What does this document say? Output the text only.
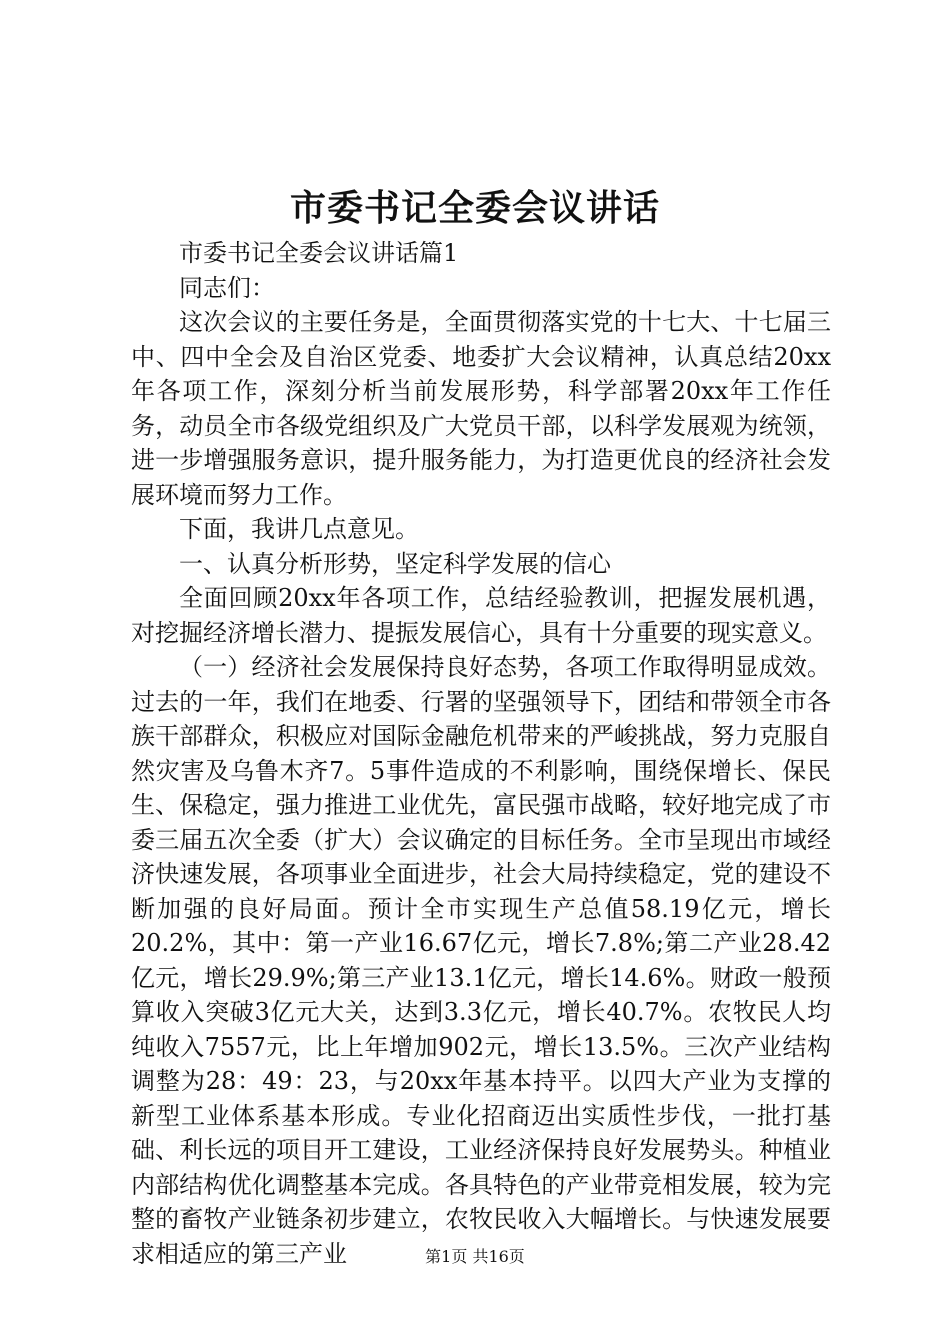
市委书记全委会议讲话

市委书记全委会议讲话篇1

同志们：

这次会议的主要任务是，全面贯彻落实党的十七大、十七届三中、四中全会及自治区党委、地委扩大会议精神，认真总结20xx年各项工作，深刻分析当前发展形势，科学部署20xx年工作任务，动员全市各级党组织及广大党员干部，以科学发展观为统领，进一步增强服务意识，提升服务能力，为打造更优良的经济社会发展环境而努力工作。

下面，我讲几点意见。

一、认真分析形势，坚定科学发展的信心

全面回顾20xx年各项工作，总结经验教训，把握发展机遇，对挖掘经济增长潜力、提振发展信心，具有十分重要的现实意义。

（一）经济社会发展保持良好态势，各项工作取得明显成效。过去的一年，我们在地委、行署的坚强领导下，团结和带领全市各族干部群众，积极应对国际金融危机带来的严峻挑战，努力克服自然灾害及乌鲁木齐7。5事件造成的不利影响，围绕保增长、保民生、保稳定，强力推进工业优先，富民强市战略，较好地完成了市委三届五次全委（扩大）会议确定的目标任务。全市呈现出市域经济快速发展，各项事业全面进步，社会大局持续稳定，党的建设不断加强的良好局面。预计全市实现生产总值58.19亿元，增长20.2%，其中：第一产业16.67亿元，增长7.8%;第二产业28.42亿元，增长29.9%;第三产业13.1亿元，增长14.6%。财政一般预算收入突破3亿元大关，达到3.3亿元，增长40.7%。农牧民人均纯收入7557元，比上年增加902元，增长13.5%。三次产业结构调整为28：49：23，与20xx年基本持平。以四大产业为支撑的新型工业体系基本形成。专业化招商迈出实质性步伐，一批打基础、利长远的项目开工建设，工业经济保持良好发展势头。种植业内部结构优化调整基本完成。各具特色的产业带竞相发展，较为完整的畜牧产业链条初步建立，农牧民收入大幅增长。与快速发展要求相适应的第三产业	第1页 共16页
